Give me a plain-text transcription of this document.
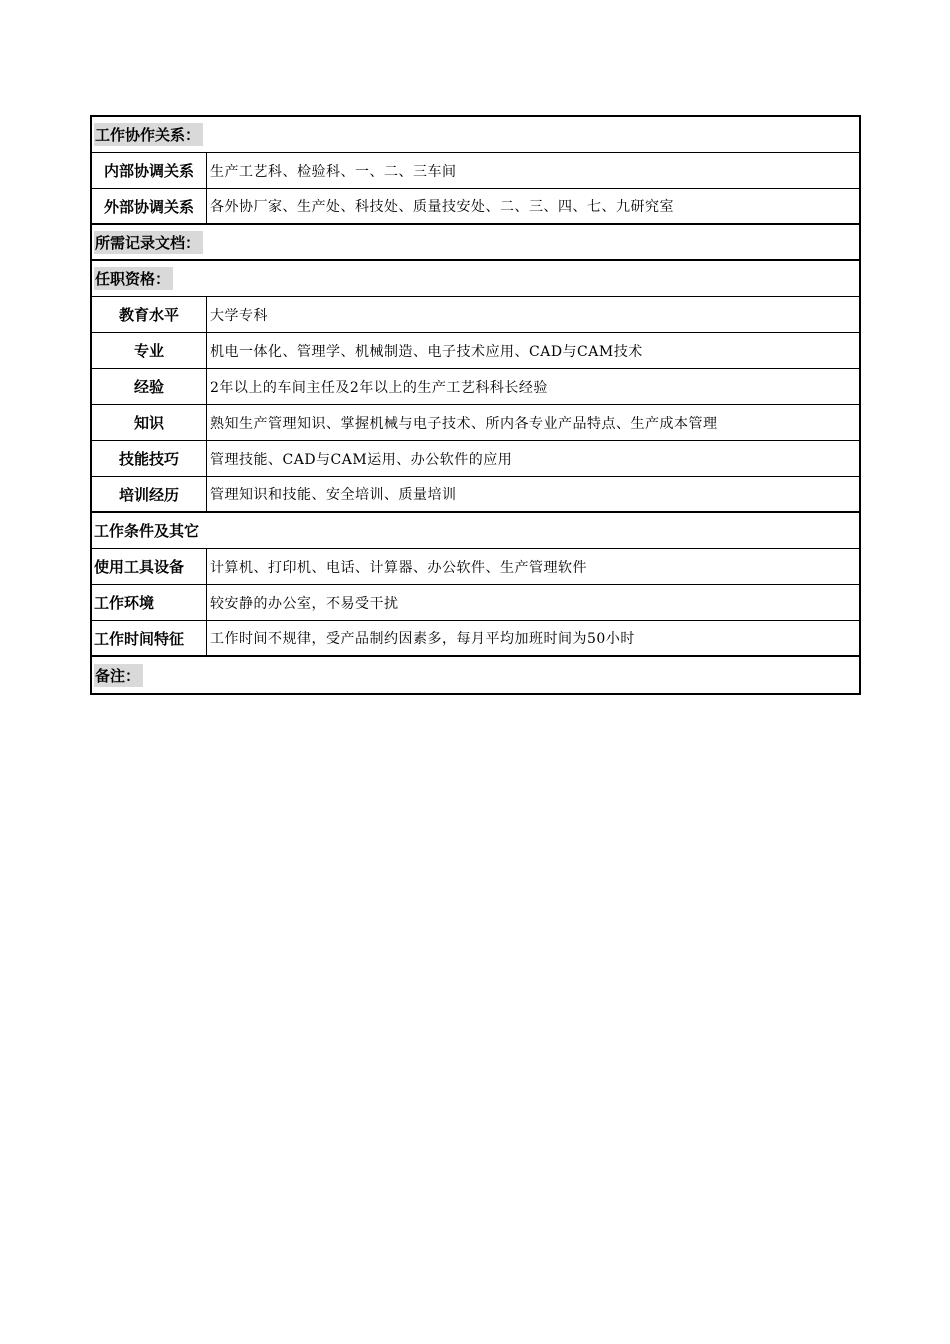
工作协作关系：
内部协调关系	生产工艺科、检验科、一、二、三车间
外部协调关系	各外协厂家、生产处、科技处、质量技安处、二、三、四、七、九研究室
所需记录文档：
任职资格：
教育水平	大学专科
专业	机电一体化、管理学、机械制造、电子技术应用、CAD与CAM技术
经验	2年以上的车间主任及2年以上的生产工艺科科长经验
知识	熟知生产管理知识、掌握机械与电子技术、所内各专业产品特点、生产成本管理
技能技巧	管理技能、CAD与CAM运用、办公软件的应用
培训经历	管理知识和技能、安全培训、质量培训
工作条件及其它
使用工具设备	计算机、打印机、电话、计算器、办公软件、生产管理软件
工作环境	较安静的办公室，不易受干扰
工作时间特征	工作时间不规律，受产品制约因素多，每月平均加班时间为50小时
备注：
